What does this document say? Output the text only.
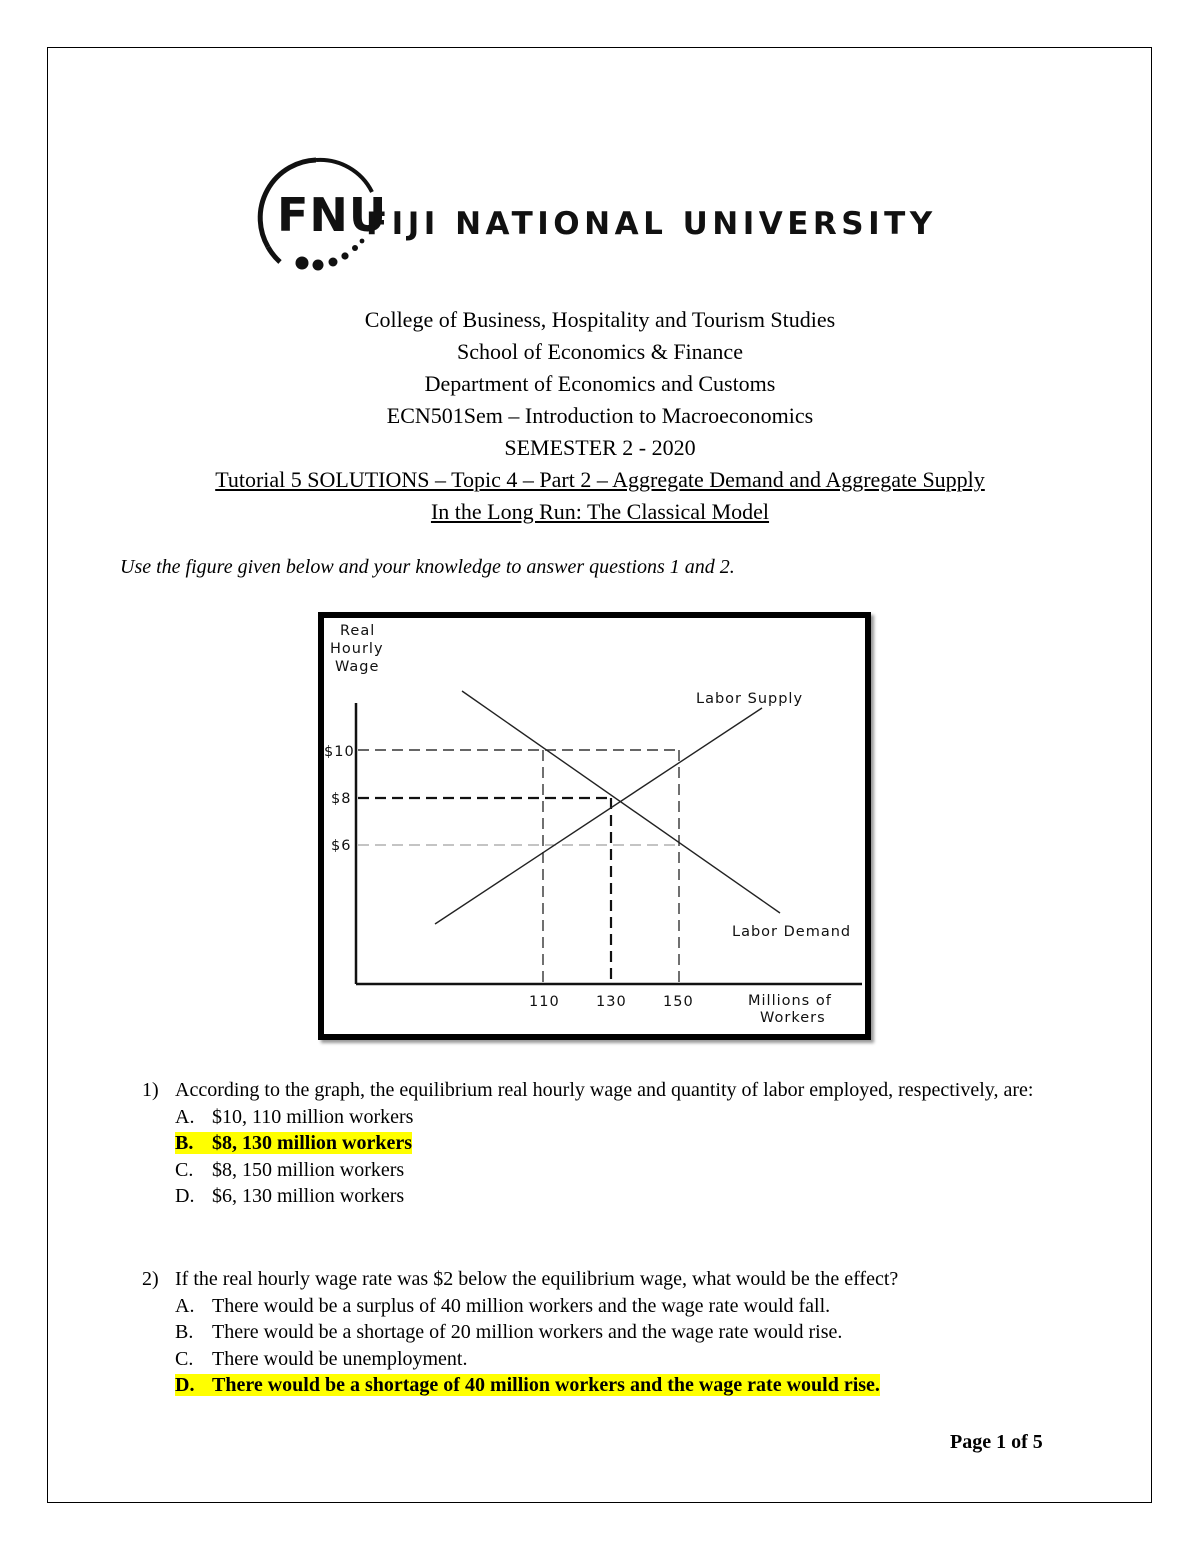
FNU
FIJI NATIONAL UNIVERSITY
College of Business, Hospitality and Tourism Studies
School of Economics & Finance
Department of Economics and Customs
ECN501Sem – Introduction to Macroeconomics
SEMESTER 2 - 2020
Tutorial 5 SOLUTIONS – Topic 4 – Part 2 – Aggregate Demand and Aggregate Supply
In the Long Run: The Classical Model
Use the figure given below and your knowledge to answer questions 1 and 2.
Real
Hourly
Wage
$10
$8
$6
110	130	150	Millions of
Workers
Labor Supply
Labor Demand
1) According to the graph, the equilibrium real hourly wage and quantity of labor employed, respectively, are:
A. $10, 110 million workers
B. $8, 130 million workers
C. $8, 150 million workers
D. $6, 130 million workers
2) If the real hourly wage rate was $2 below the equilibrium wage, what would be the effect?
A. There would be a surplus of 40 million workers and the wage rate would fall.
B. There would be a shortage of 20 million workers and the wage rate would rise.
C. There would be unemployment.
D. There would be a shortage of 40 million workers and the wage rate would rise.
Page 1 of 5
